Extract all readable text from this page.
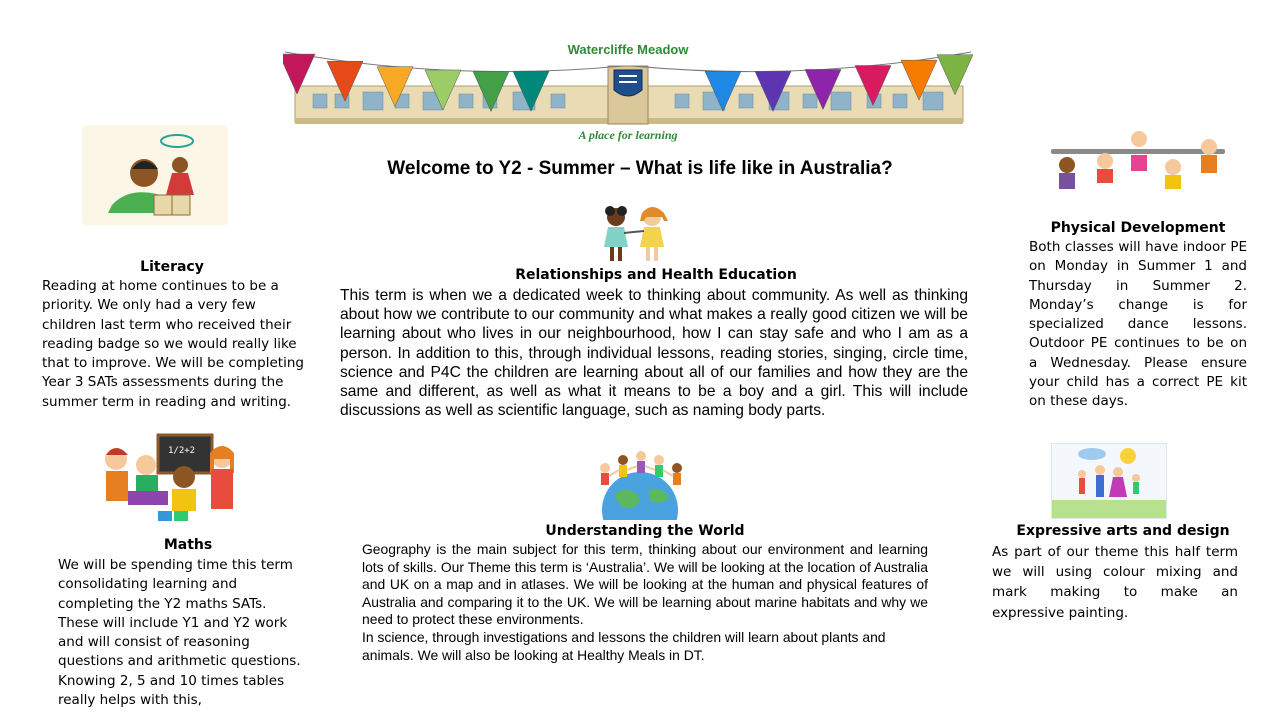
Watercliffe Meadow
A place for learning
Welcome to Y2 - Summer – What is life like in Australia?
Literacy
Reading at home continues to be a priority. We only had a very few children last term who received their reading badge so we would really like that to improve. We will be completing Year 3 SATs assessments during the summer term in reading and writing.
1/2+2
Maths
We will be spending time this term consolidating learning and completing the Y2 maths SATs. These will include Y1 and Y2 work and will consist of reasoning questions and arithmetic questions. Knowing 2, 5 and 10 times tables really helps with this,
Relationships and Health Education
This term is when we a dedicated week to thinking about community. As well as thinking about how we contribute to our community and what makes a really good citizen we will be learning about who lives in our neighbourhood, how I can stay safe and who I am as a person. In addition to this, through individual lessons, reading stories, singing, circle time, science and P4C the children are learning about all of our families and how they are the same and different, as well as what it means to be a boy and a girl. This will include discussions as well as scientific language, such as naming body parts.
Understanding the World
Geography is the main subject for this term, thinking about our environment and learning lots of skills. Our Theme this term is ‘Australia’. We will be looking at the location of Australia and UK on a map and in atlases. We will be looking at the human and physical features of Australia and comparing it to the UK. We will be learning about marine habitats and why we need to protect these environments.
In science, through investigations and lessons the children will learn about plants and animals. We will also be looking at Healthy Meals in DT.
Physical Development
Both classes will have indoor PE on Monday in Summer 1 and Thursday in Summer 2. Monday’s change is for specialized dance lessons. Outdoor PE continues to be on a Wednesday. Please ensure your child has a correct PE kit on these days.
Expressive arts and design
As part of our theme this half term we will using colour mixing and mark making to make an expressive painting.
